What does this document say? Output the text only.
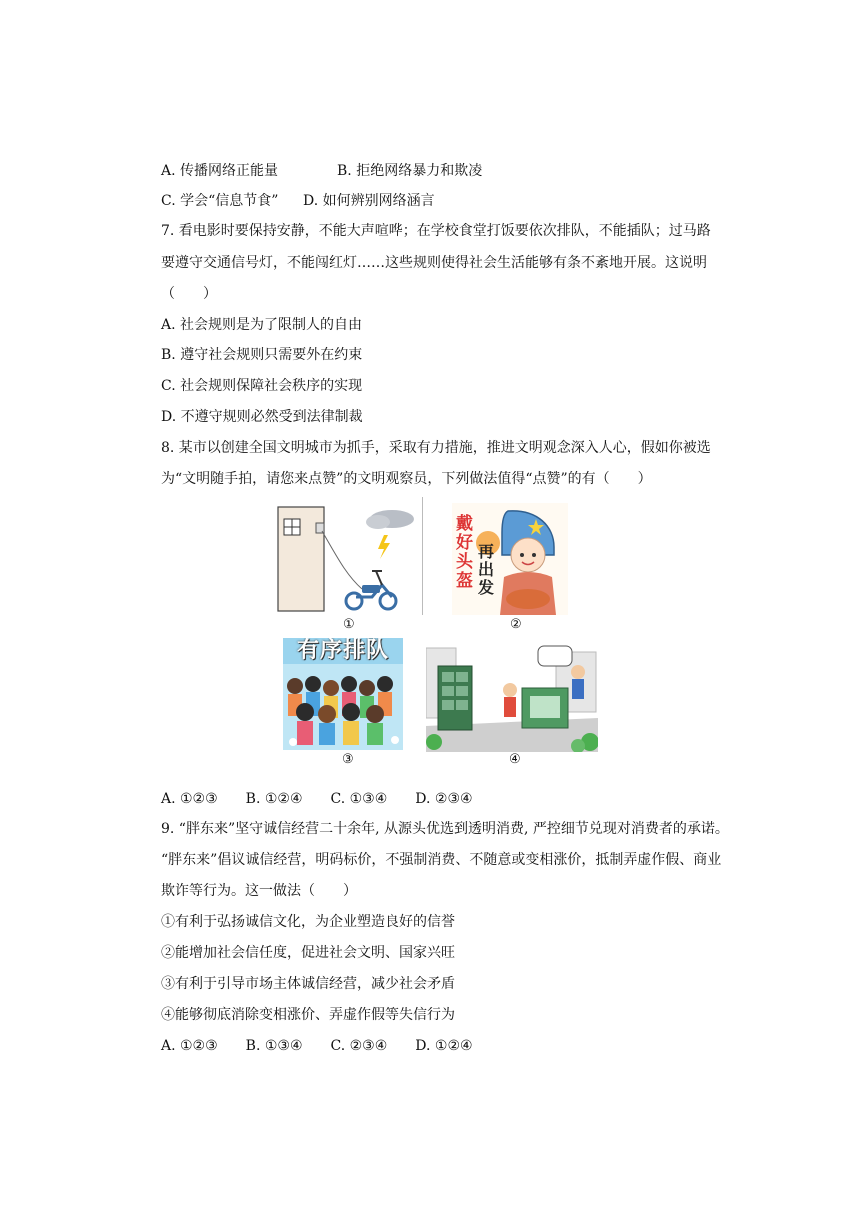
A. 传播网络正能量	B. 拒绝网络暴力和欺凌
C. 学会“信息节食” D. 如何辨别网络涵言
7. 看电影时要保持安静，不能大声喧哗；在学校食堂打饭要依次排队，不能插队；过马路
要遵守交通信号灯，不能闯红灯……这些规则使得社会生活能够有条不紊地开展。这说明
（　　）
A. 社会规则是为了限制人的自由
B. 遵守社会规则只需要外在约束
C. 社会规则保障社会秩序的实现
D. 不遵守规则必然受到法律制裁
8. 某市以创建全国文明城市为抓手，采取有力措施，推进文明观念深入人心，假如你被选
为“文明随手拍，请您来点赞”的文明观察员，下列做法值得“点赞”的有（　　）
①
戴
好
头
盔
再
出
发
②
有序排队
③	④
A. ①②③　　B. ①②④　　C. ①③④　　D. ②③④
9. “胖东来”坚守诚信经营二十余年, 从源头优选到透明消费, 严控细节兑现对消费者的承诺。
“胖东来”倡议诚信经营，明码标价，不强制消费、不随意或变相涨价，抵制弄虚作假、商业
欺诈等行为。这一做法（　　）
①有利于弘扬诚信文化，为企业塑造良好的信誉
②能增加社会信任度，促进社会文明、国家兴旺
③有利于引导市场主体诚信经营，减少社会矛盾
④能够彻底消除变相涨价、弄虚作假等失信行为
A. ①②③　　B. ①③④　　C. ②③④　　D. ①②④
